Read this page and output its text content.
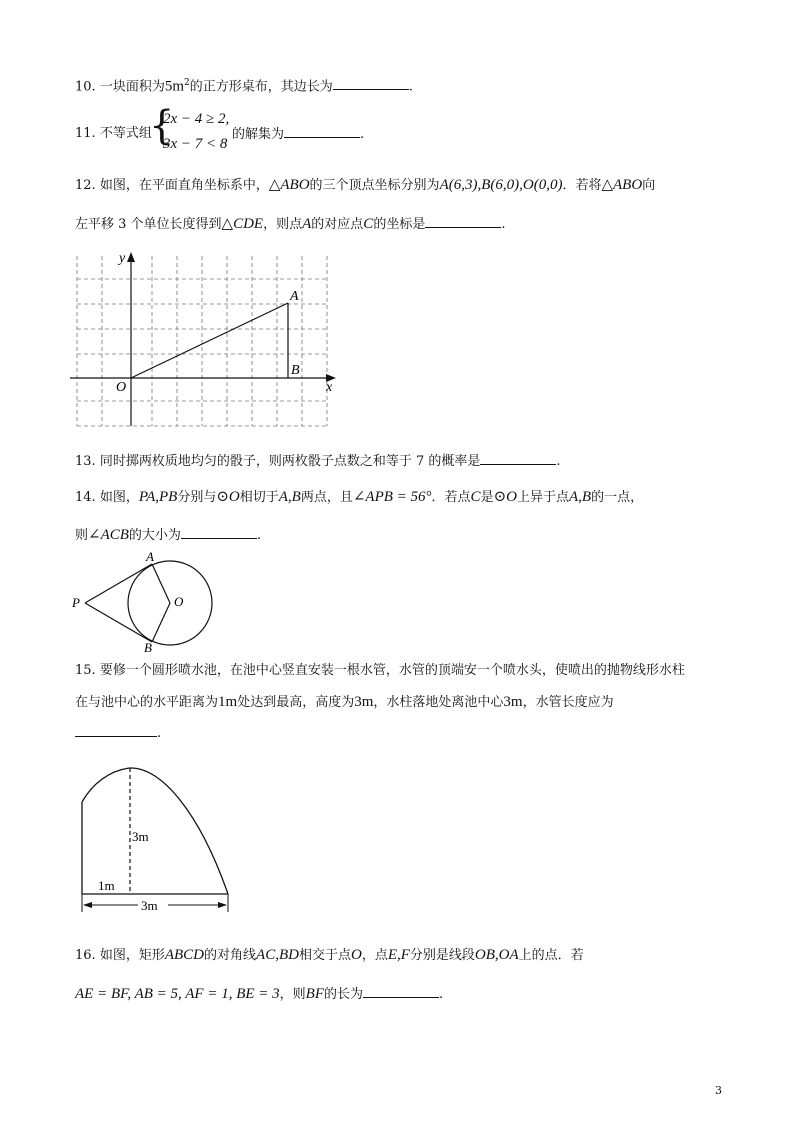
10. 一块面积为$5m^2$的正方形桌布，其边长为	.
11. 不等式组
{
2x − 4 ≥ 2,
3x − 7 < 8
的解集为	.
12. 如图，在平面直角坐标系中，△ABO的三个顶点坐标分别为A(6,3),B(6,0),O(0,0)．若将△ABO向
左平移 3 个单位长度得到△CDE，则点A的对应点C的坐标是	.
y
x
A
B
O
13. 同时掷两枚质地均匀的骰子，则两枚骰子点数之和等于 7 的概率是	.
14. 如图，PA,PB分别与⊙O相切于A,B两点，且∠APB = 56°．若点C是⊙O上异于点A,B的一点，
则∠ACB的大小为	.
A
B
P	O
15. 要修一个圆形喷水池，在池中心竖直安装一根水管，水管的顶端安一个喷水头，使喷出的抛物线形水柱
在与池中心的水平距离为1m处达到最高，高度为3m，水柱落地处离池中心3m，水管长度应为
.
3m
1m
3m
16. 如图，矩形ABCD的对角线AC,BD相交于点O，点E,F分别是线段OB,OA上的点．若
AE = BF, AB = 5, AF = 1, BE = 3，则BF的长为	.
3
